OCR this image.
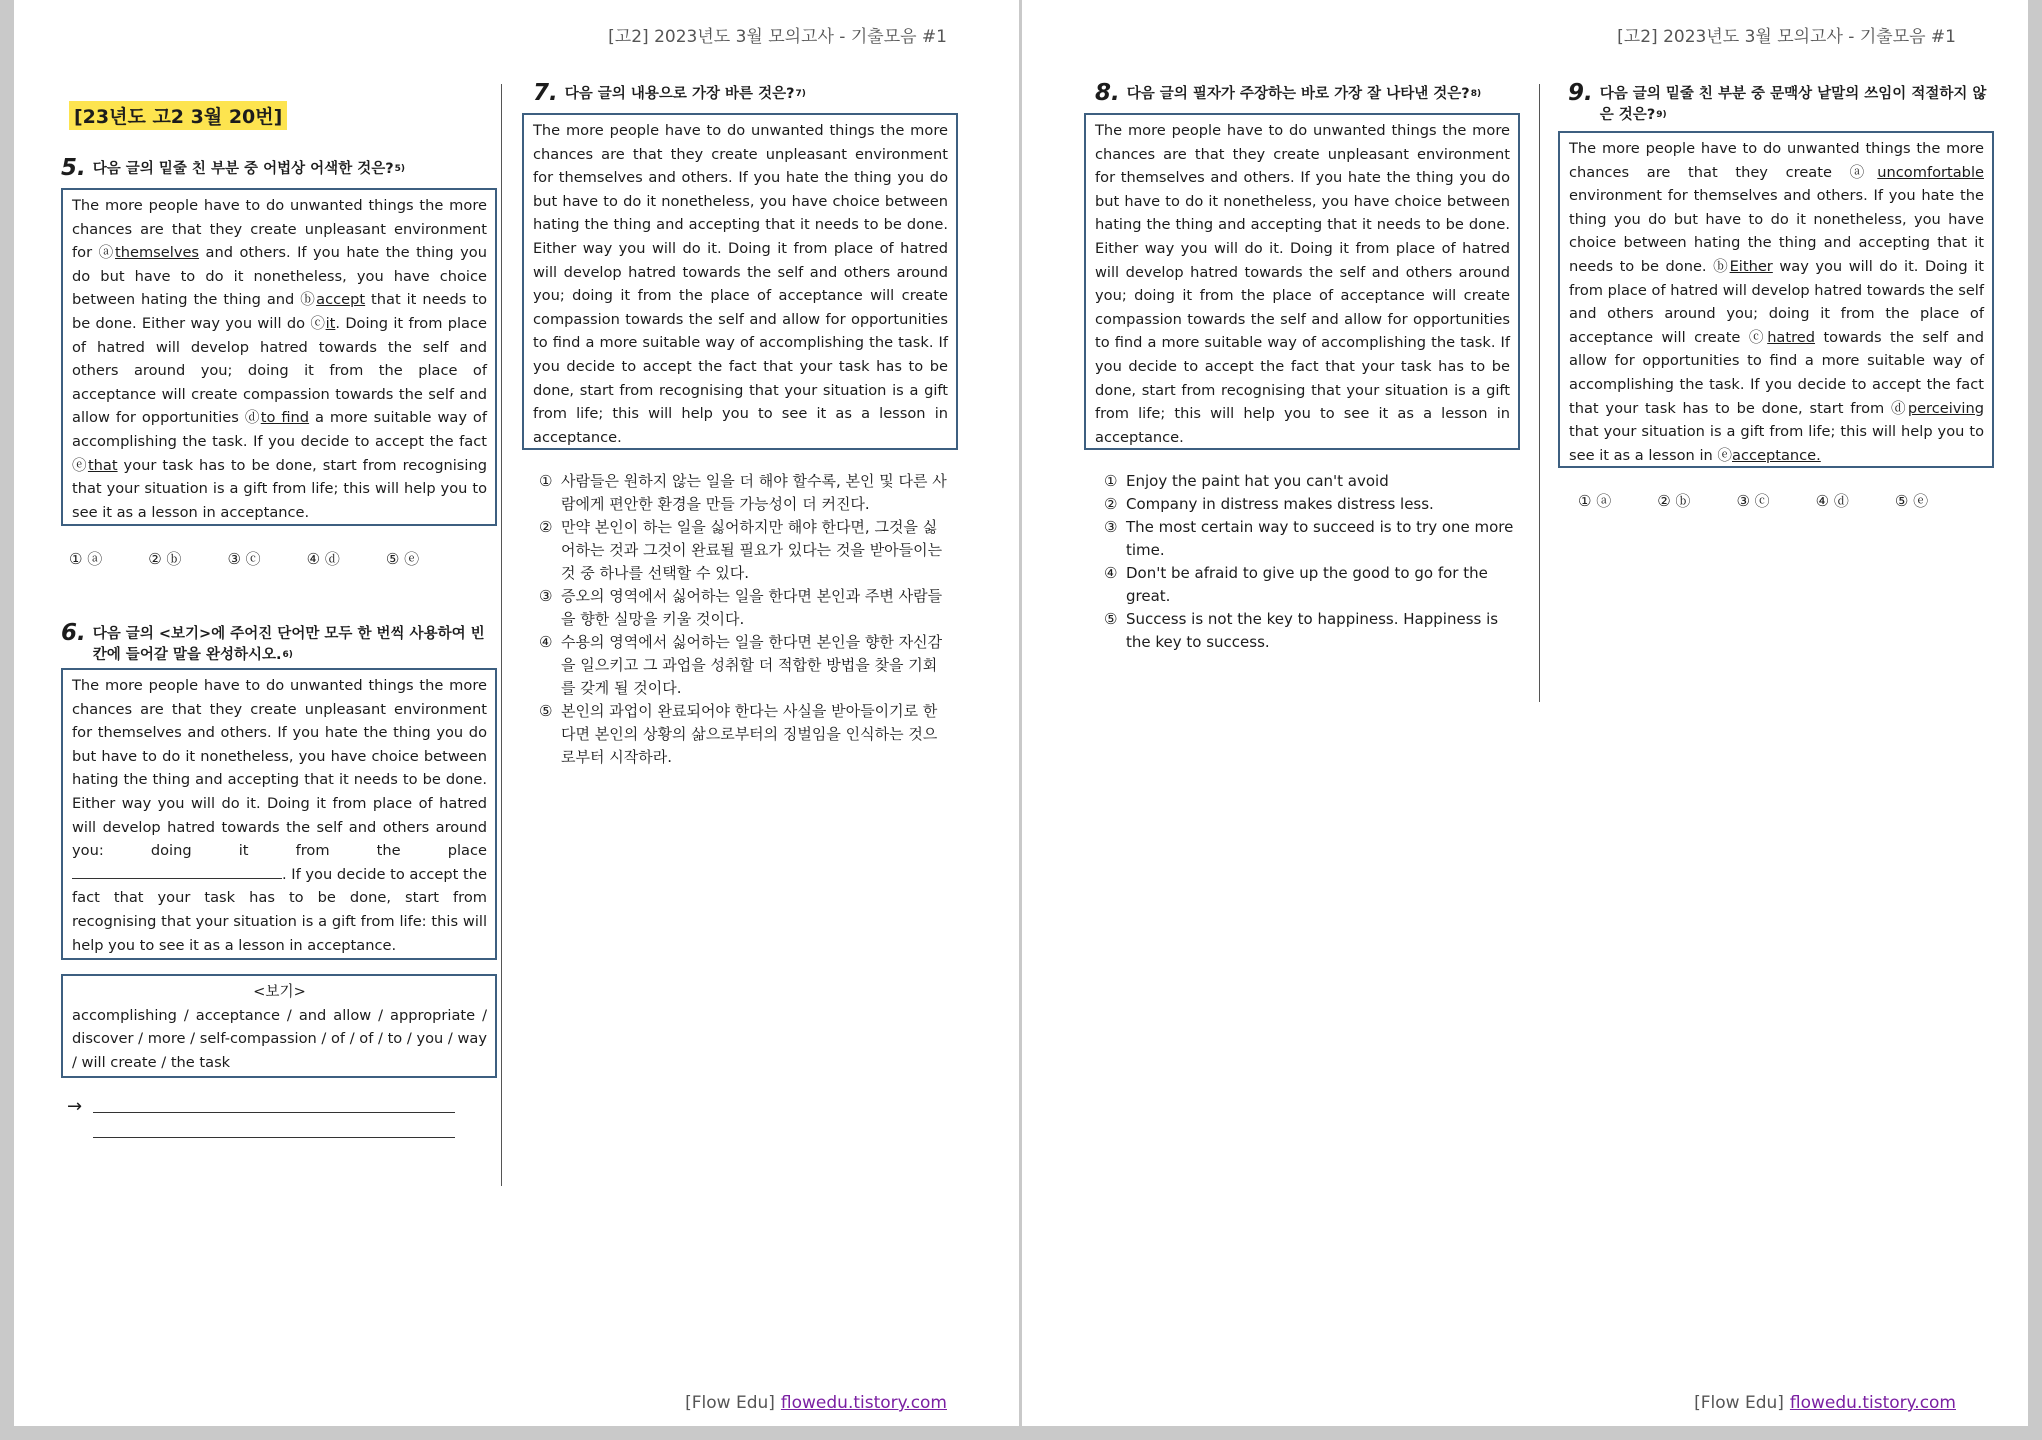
[고2] 2023년도 3월 모의고사 - 기출모음 #1
[23년도 고2 3월 20번]
5. 다음 글의 밑줄 친 부분 중 어법상 어색한 것은?$^{5)}$
The more people have to do unwanted things the more chances are that they create unpleasant environment for ⓐthemselves and others. If you hate the thing you do but have to do it nonetheless, you have choice between hating the thing and ⓑaccept that it needs to be done. Either way you will do ⓒit. Doing it from place of hatred will develop hatred towards the self and others around you; doing it from the place of acceptance will create compassion towards the self and allow for opportunities ⓓto find a more suitable way of accomplishing the task. If you decide to accept the fact ⓔthat your task has to be done, start from recognising that your situation is a gift from life; this will help you to see it as a lesson in acceptance.
① ⓐ	② ⓑ	③ ⓒ	④ ⓓ	⑤ ⓔ
6. 다음 글의 <보기>에 주어진 단어만 모두 한 번씩 사용하여 빈칸에 들어갈 말을 완성하시오.$^{6)}$
The more people have to do unwanted things the more chances are that they create unpleasant environment for themselves and others. If you hate the thing you do but have to do it nonetheless, you have choice between hating the thing and accepting that it needs to be done. Either way you will do it. Doing it from place of hatred will develop hatred towards the self and others around you: doing it from the place . If you decide to accept the fact that your task has to be done, start from recognising that your situation is a gift from life: this will help you to see it as a lesson in acceptance.
<보기>
accomplishing / acceptance / and allow / appropriate / discover / more / self-compassion / of / of / to / you / way / will create / the task
→
7. 다음 글의 내용으로 가장 바른 것은?$^{7)}$
The more people have to do unwanted things the more chances are that they create unpleasant environment for themselves and others. If you hate the thing you do but have to do it nonetheless, you have choice between hating the thing and accepting that it needs to be done. Either way you will do it. Doing it from place of hatred will develop hatred towards the self and others around you; doing it from the place of acceptance will create compassion towards the self and allow for opportunities to find a more suitable way of accomplishing the task. If you decide to accept the fact that your task has to be done, start from recognising that your situation is a gift from life; this will help you to see it as a lesson in acceptance.
① 사람들은 원하지 않는 일을 더 해야 할수록, 본인 및 다른 사람에게 편안한 환경을 만들 가능성이 더 커진다.
② 만약 본인이 하는 일을 싫어하지만 해야 한다면, 그것을 싫어하는 것과 그것이 완료될 필요가 있다는 것을 받아들이는 것 중 하나를 선택할 수 있다.
③ 증오의 영역에서 싫어하는 일을 한다면 본인과 주변 사람들을 향한 실망을 키울 것이다.
④ 수용의 영역에서 싫어하는 일을 한다면 본인을 향한 자신감을 일으키고 그 과업을 성취할 더 적합한 방법을 찾을 기회를 갖게 될 것이다.
⑤ 본인의 과업이 완료되어야 한다는 사실을 받아들이기로 한다면 본인의 상황의 삶으로부터의 징벌임을 인식하는 것으로부터 시작하라.
[Flow Edu] flowedu.tistory.com
[고2] 2023년도 3월 모의고사 - 기출모음 #1
8. 다음 글의 필자가 주장하는 바로 가장 잘 나타낸 것은?$^{8)}$
The more people have to do unwanted things the more chances are that they create unpleasant environment for themselves and others. If you hate the thing you do but have to do it nonetheless, you have choice between hating the thing and accepting that it needs to be done. Either way you will do it. Doing it from place of hatred will develop hatred towards the self and others around you; doing it from the place of acceptance will create compassion towards the self and allow for opportunities to find a more suitable way of accomplishing the task. If you decide to accept the fact that your task has to be done, start from recognising that your situation is a gift from life; this will help you to see it as a lesson in acceptance.
① Enjoy the paint hat you can't avoid
② Company in distress makes distress less.
③ The most certain way to succeed is to try one more time.
④ Don't be afraid to give up the good to go for the great.
⑤ Success is not the key to happiness. Happiness is the key to success.
9. 다음 글의 밑줄 친 부분 중 문맥상 낱말의 쓰임이 적절하지 않은 것은?$^{9)}$
The more people have to do unwanted things the more chances are that they create ⓐuncomfortable environment for themselves and others. If you hate the thing you do but have to do it nonetheless, you have choice between hating the thing and accepting that it needs to be done. ⓑEither way you will do it. Doing it from place of hatred will develop hatred towards the self and others around you; doing it from the place of acceptance will create ⓒhatred towards the self and allow for opportunities to find a more suitable way of accomplishing the task. If you decide to accept the fact that your task has to be done, start from ⓓperceiving that your situation is a gift from life; this will help you to see it as a lesson in ⓔacceptance.
① ⓐ	② ⓑ	③ ⓒ	④ ⓓ	⑤ ⓔ
[Flow Edu] flowedu.tistory.com
